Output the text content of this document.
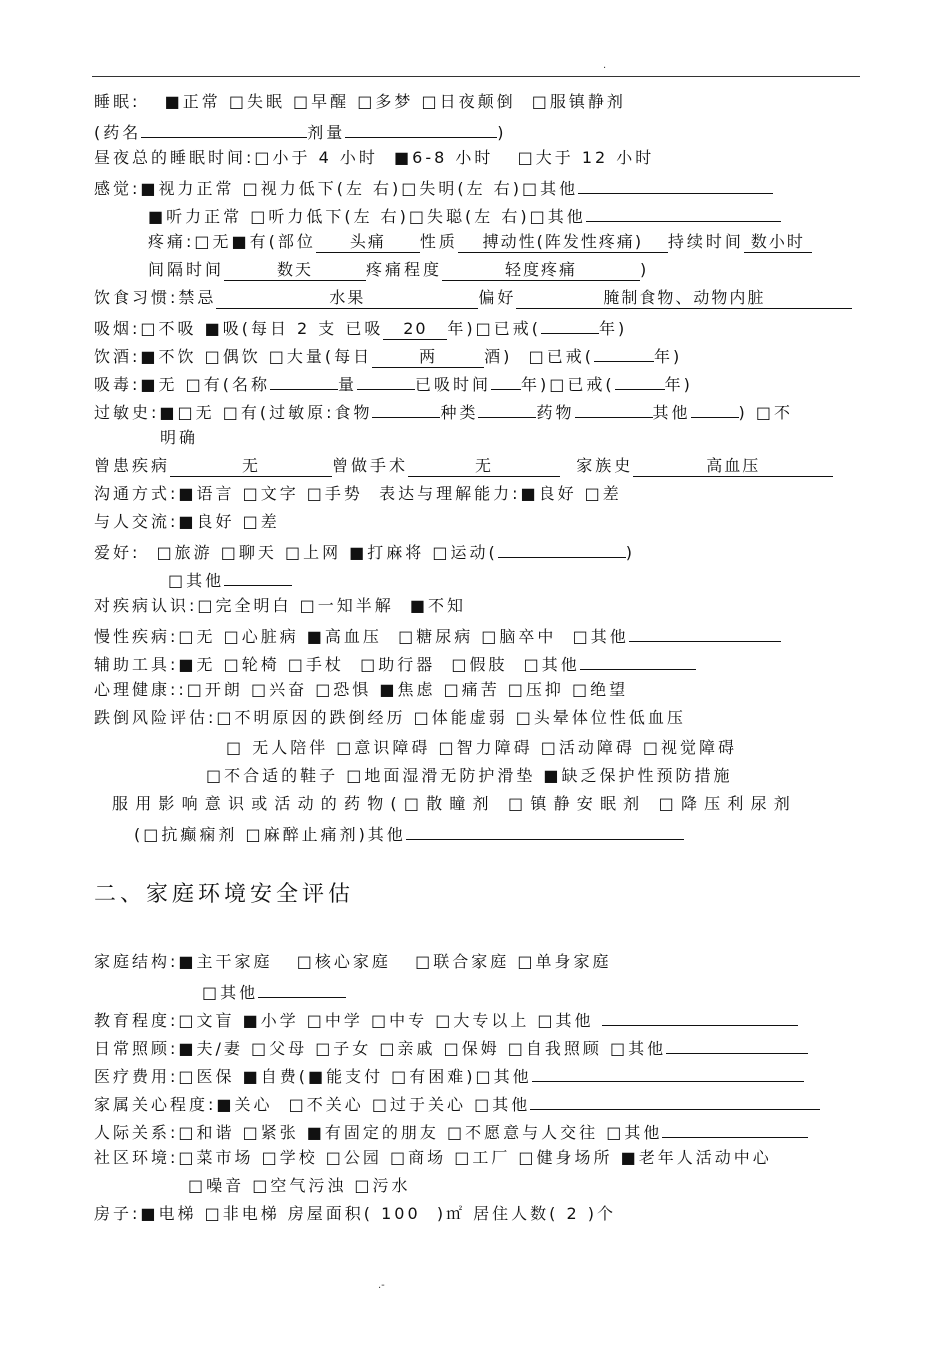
·
睡眠:   ■正常 □失眠 □早醒 □多梦 □日夜颠倒  □服镇静剂
(药名	剂量	)
昼夜总的睡眠时间:□小于 4 小时  ■6-8 小时   □大于 12 小时
感觉:■视力正常 □视力低下(左 右)□失明(左 右)□其他
■听力正常 □听力低下(左 右)□失聪(左 右)□其他
疼痛:□无■有(部位 头痛 性质 搏动性(阵发性疼痛) 持续时间 数小时
间隔时间	数天	疼痛程度	轻度疼痛	)
饮食习惯:禁忌	水果	偏好	腌制食物、动物内脏
吸烟:□不吸 ■吸(每日 2 支 已吸 20 年)□已戒(	年)
饮酒:■不饮 □偶饮 □大量(每日	两	酒)  □已戒(	年)
吸毒:■无 □有(名称	量	已吸时间 年)□已戒(	年)
过敏史:■□无 □有(过敏原:食物	种类	药物	其他	) □不
明确
曾患疾病	无	曾做手术	无	家族史	高血压
沟通方式:■语言 □文字 □手势  表达与理解能力:■良好 □差
与人交流:■良好 □差
爱好:  □旅游 □聊天 □上网 ■打麻将 □运动(	)
□其他
对疾病认识:□完全明白 □一知半解  ■不知
慢性疾病:□无 □心脏病 ■高血压  □糖尿病 □脑卒中  □其他
辅助工具:■无 □轮椅 □手杖  □助行器  □假肢  □其他
心理健康::□开朗 □兴奋 □恐惧 ■焦虑 □痛苦 □压抑 □绝望
跌倒风险评估:□不明原因的跌倒经历 □体能虚弱 □头晕体位性低血压
□ 无人陪伴 □意识障碍 □智力障碍 □活动障碍 □视觉障碍
□不合适的鞋子 □地面湿滑无防护滑垫 ■缺乏保护性预防措施
服用影响意识或活动的药物(□散瞳剂 □镇静安眠剂 □降压利尿剂
(□抗癫痫剂 □麻醉止痛剂)其他
家庭结构:■主干家庭   □核心家庭   □联合家庭 □单身家庭
□其他
教育程度:□文盲 ■小学 □中学 □中专 □大专以上 □其他
日常照顾:■夫/妻 □父母 □子女 □亲戚 □保姆 □自我照顾 □其他
医疗费用:□医保 ■自费(■能支付 □有困难)□其他
家属关心程度:■关心  □不关心 □过于关心 □其他
人际关系:□和谐 □紧张 ■有固定的朋友 □不愿意与人交往 □其他
社区环境:□菜市场 □学校 □公园 □商场 □工厂 □健身场所 ■老年人活动中心
□噪音 □空气污浊 □污水
房子:■电梯 □非电梯 房屋面积( 100  )㎡ 居住人数( 2 )个
二、家庭环境安全评估
.-
